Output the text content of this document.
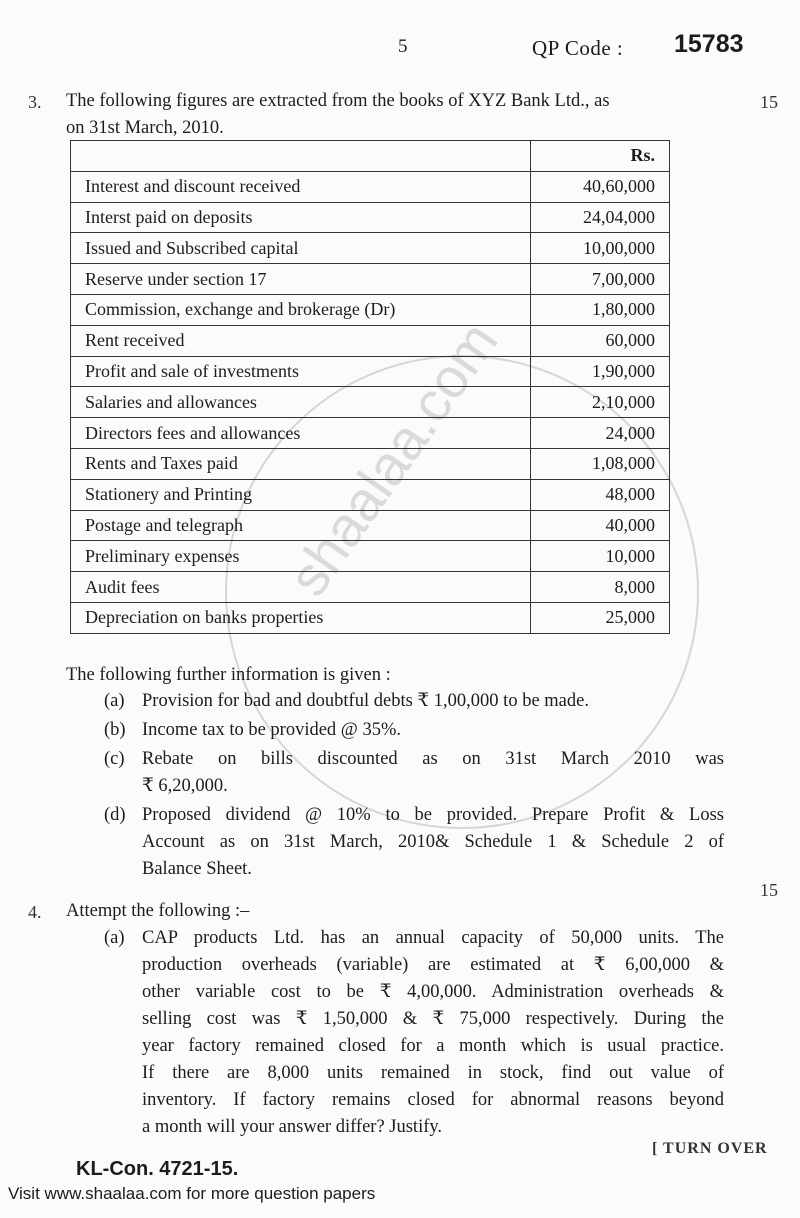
5	QP Code : 15783
shaalaa.com
3.	15
The following figures are extracted from the books of XYZ Bank Ltd., as
on 31st March, 2010.
	Rs.
Interest and discount received	40,60,000
Interst paid on deposits	24,04,000
Issued and Subscribed capital	10,00,000
Reserve under section 17	7,00,000
Commission, exchange and brokerage (Dr)	1,80,000
Rent received	60,000
Profit and sale of investments	1,90,000
Salaries and allowances	2,10,000
Directors fees and allowances	24,000
Rents and Taxes paid	1,08,000
Stationery and Printing	48,000
Postage and telegraph	40,000
Preliminary expenses	10,000
Audit fees	8,000
Depreciation on banks properties	25,000
The following further information is given :
(a) Provision for bad and doubtful debts ₹ 1,00,000 to be made.
(b) Income tax to be provided @ 35%.
(c) Rebate on bills discounted as on 31st March 2010 was
₹ 6,20,000.
(d) Proposed dividend @ 10% to be provided. Prepare Profit & Loss
Account as on 31st March, 2010& Schedule 1 & Schedule 2 of
Balance Sheet.
15
4. Attempt the following :–
(a) CAP products Ltd. has an annual capacity of 50,000 units. The
production overheads (variable) are estimated at ₹ 6,00,000 &
other variable cost to be ₹ 4,00,000. Administration overheads &
selling cost was ₹ 1,50,000 & ₹ 75,000 respectively. During the
year factory remained closed for a month which is usual practice.
If there are 8,000 units remained in stock, find out value of
inventory. If factory remains closed for abnormal reasons beyond
a month will your answer differ? Justify.
[ TURN OVER
KL-Con. 4721-15.
Visit www.shaalaa.com for more question papers
